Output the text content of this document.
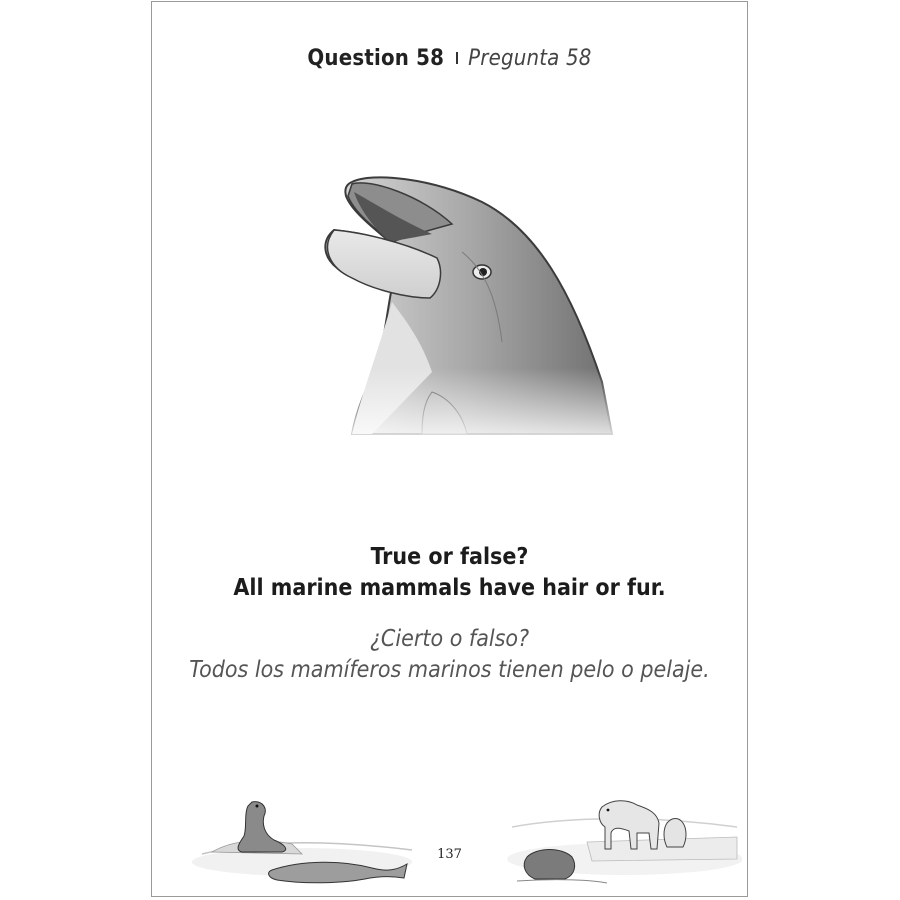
Question 58 Pregunta 58
True or false?
All marine mammals have hair or fur.
¿Cierto o falso?
Todos los mamíferos marinos tienen pelo o pelaje.
137
